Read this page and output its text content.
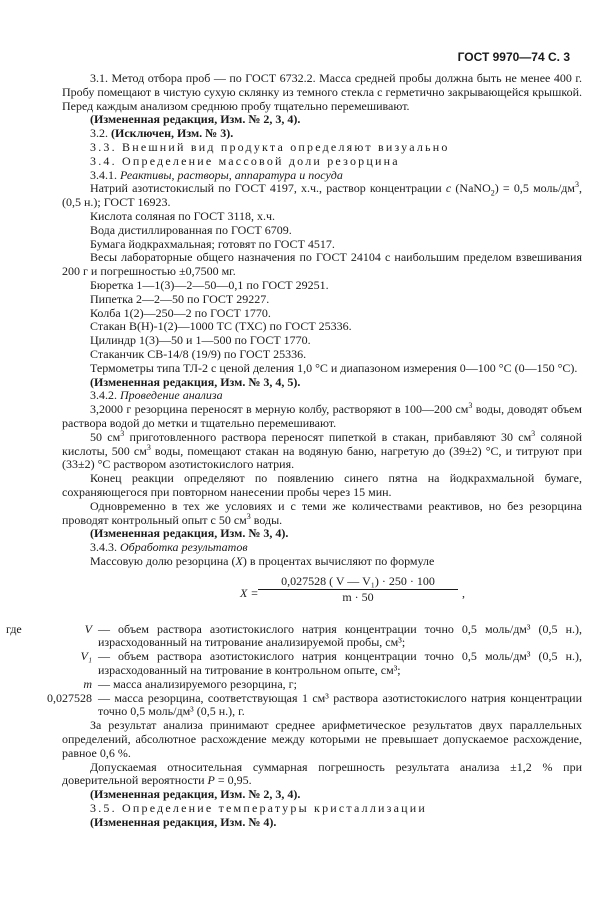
ГОСТ 9970—74 С. 3

3.1. Метод отбора проб — по ГОСТ 6732.2. Масса средней пробы должна быть не менее 400 г. Пробу помещают в чистую сухую склянку из темного стекла с герметично закрывающейся крышкой. Перед каждым анализом среднюю пробу тщательно перемешивают.

(Измененная редакция, Изм. № 2, 3, 4).

3.2. (Исключен, Изм. № 3).

3.3. Внешний вид продукта определяют визуально

3.4. Определение массовой доли резорцина

3.4.1. Реактивы, растворы, аппаратура и посуда

Натрий азотистокислый по ГОСТ 4197, х.ч., раствор концентрации c (NaNO$_2$) = 0,5 моль/$дм^3$, (0,5 н.); ГОСТ 16923.

Кислота соляная по ГОСТ 3118, х.ч.

Вода дистиллированная по ГОСТ 6709.

Бумага йодкрахмальная; готовят по ГОСТ 4517.

Весы лабораторные общего назначения по ГОСТ 24104 с наибольшим пределом взвешивания 200 г и погрешностью ±0,7500 мг.

Бюретка 1—1(3)—2—50—0,1 по ГОСТ 29251.

Пипетка 2—2—50 по ГОСТ 29227.

Колба 1(2)—250—2 по ГОСТ 1770.

Стакан В(Н)-1(2)—1000 ТС (ТХС) по ГОСТ 25336.

Цилиндр 1(3)—50 и 1—500 по ГОСТ 1770.

Стаканчик СВ-14/8 (19/9) по ГОСТ 25336.

Термометры типа ТЛ-2 с ценой деления 1,0 °С и диапазоном измерения 0—100 °С (0—150 °С).

(Измененная редакция, Изм. № 3, 4, 5).

3.4.2. Проведение анализа

3,2000 г резорцина переносят в мерную колбу, растворяют в 100—200 $см^3$ воды, доводят объем раствора водой до метки и тщательно перемешивают.

50 $см^3$ приготовленного раствора переносят пипеткой в стакан, прибавляют 30 $см^3$ соляной кислоты, 500 $см^3$ воды, помещают стакан на водяную баню, нагретую до (39±2) °С, и титруют при (33±2) °С раствором азотистокислого натрия.

Конец реакции определяют по появлению синего пятна на йодкрахмальной бумаге, сохраняющегося при повторном нанесении пробы через 15 мин.

Одновременно в тех же условиях и с теми же количествами реактивов, но без резорцина проводят контрольный опыт с 50 $см^3$ воды.

(Измененная редакция, Изм. № 3, 4).

3.4.3. Обработка результатов

Массовую долю резорцина (X) в процентах вычисляют по формуле

$X = \frac{\text{0,027528 ( V — V₁) · 250 · 100}}{m \cdot 50}$ ,
где	V — объем раствора азотистокислого натрия концентрации точно 0,5 моль/дм³ (0,5 н.), израсходованный на титрование анализируемой пробы, см³;
V₁ — объем раствора азотистокислого натрия концентрации точно 0,5 моль/дм³ (0,5 н.), израсходованный на титрование в контрольном опыте, см³;
m — масса анализируемого резорцина, г;
0,027528 — масса резорцина, соответствующая 1 см³ раствора азотистокислого натрия концентрации точно 0,5 моль/дм³ (0,5 н.), г.

За результат анализа принимают среднее арифметическое результатов двух параллельных определений, абсолютное расхождение между которыми не превышает допускаемое расхождение, равное 0,6 %.

Допускаемая относительная суммарная погрешность результата анализа ±1,2 % при доверительной вероятности P = 0,95.

(Измененная редакция, Изм. № 2, 3, 4).

3.5. Определение температуры кристаллизации

(Измененная редакция, Изм. № 4).
